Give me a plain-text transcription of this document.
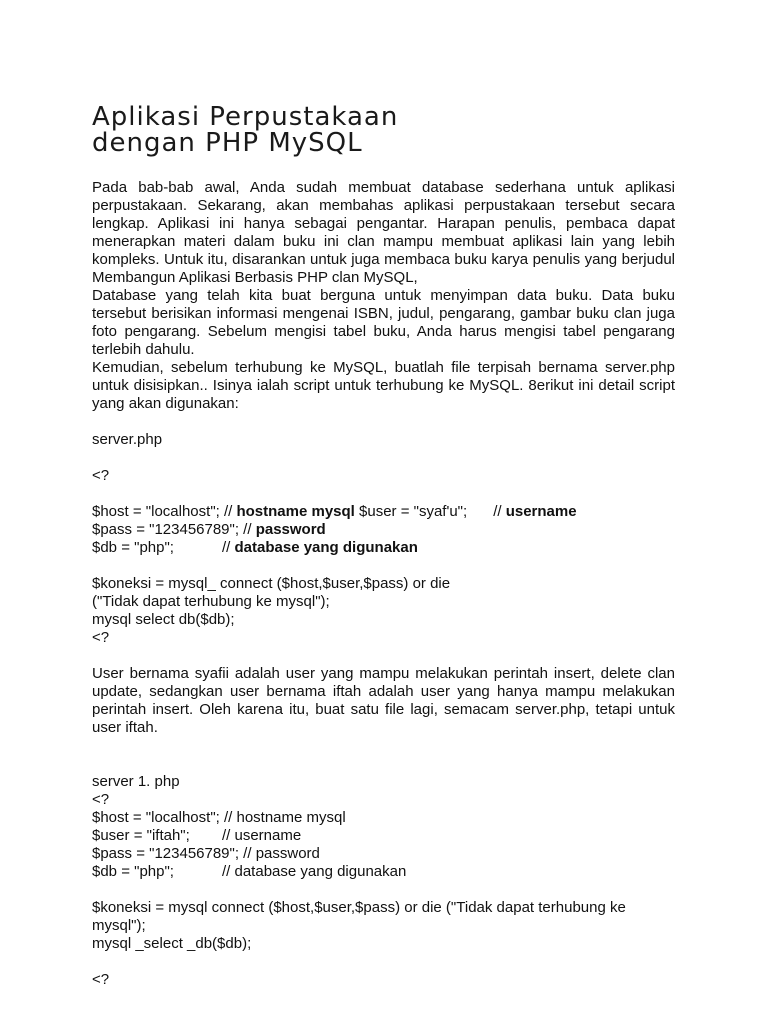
Aplikasi Perpustakaan
dengan PHP MySQL

Pada bab-bab awal, Anda sudah membuat database sederhana untuk aplikasi perpustakaan. Sekarang, akan membahas aplikasi perpustakaan tersebut secara lengkap. Aplikasi ini hanya sebagai pengantar. Harapan penulis, pembaca dapat menerapkan materi dalam buku ini clan mampu membuat aplikasi lain yang lebih kompleks. Untuk itu, disarankan untuk juga membaca buku karya penulis yang berjudul Membangun Aplikasi Berbasis PHP clan MySQL,

Database yang telah kita buat berguna untuk menyimpan data buku. Data buku tersebut berisikan informasi mengenai ISBN, judul, pengarang, gambar buku clan juga foto pengarang. Sebelum mengisi tabel buku, Anda harus mengisi tabel pengarang terlebih dahulu.

Kemudian, sebelum terhubung ke MySQL, buatlah file terpisah bernama server.php untuk disisipkan.. Isinya ialah script untuk terhubung ke MySQL. 8erikut ini detail script yang akan digunakan:

server.php

<?

$host = "localhost"; // hostname mysql $user = "syaf'u"; // username

$pass = "123456789"; // password

$db = "php";	// database yang digunakan

$koneksi = mysql_ connect ($host,$user,$pass) or die

("Tidak dapat terhubung ke mysql");

mysql select db($db);

<?

User bernama syafii adalah user yang mampu melakukan perintah insert, delete clan update, sedangkan user bernama iftah adalah user yang hanya mampu melakukan perintah insert. Oleh karena itu, buat satu file lagi, semacam server.php, tetapi untuk user iftah.

server 1. php

<?

$host = "localhost"; // hostname mysql

$user = "iftah";	// username

$pass = "123456789"; // password

$db = "php";	// database yang digunakan

$koneksi = mysql connect ($host,$user,$pass) or die ("Tidak dapat terhubung ke

mysql");

mysql _select _db($db);

<?
